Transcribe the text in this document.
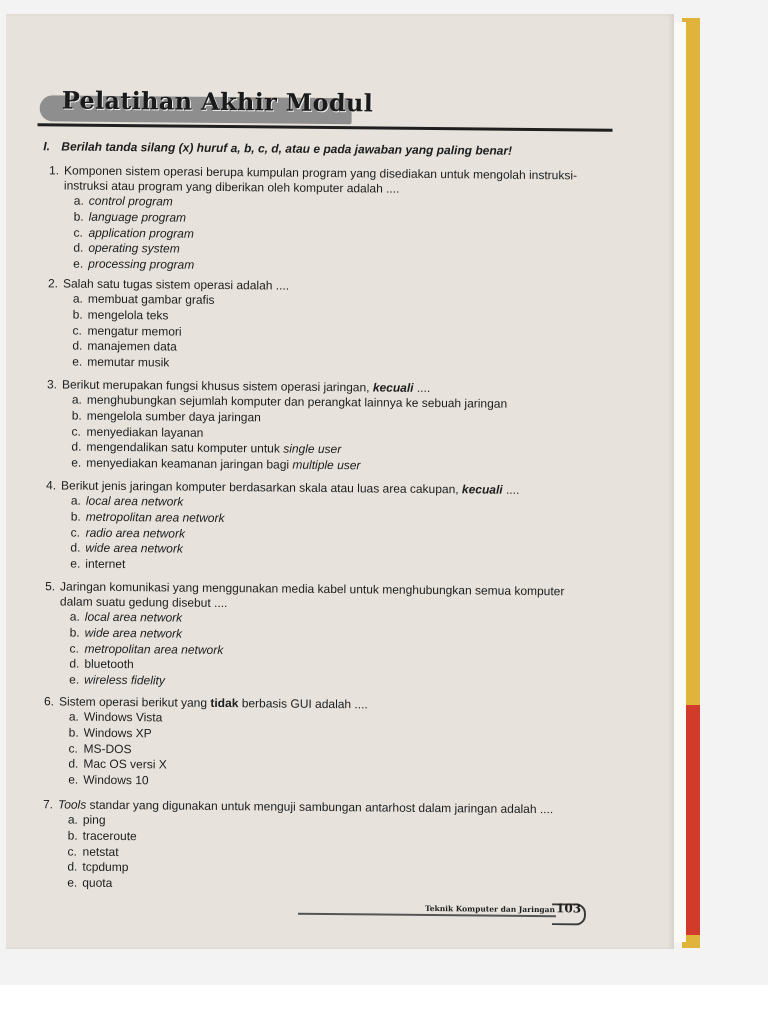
Pelatihan Akhir Modul
I. Berilah tanda silang (x) huruf a, b, c, d, atau e pada jawaban yang paling benar!
1. Komponen sistem operasi berupa kumpulan program yang disediakan untuk mengolah instruksi-
instruksi atau program yang diberikan oleh komputer adalah ....
a. control program
b. language program
c. application program
d. operating system
e. processing program
2. Salah satu tugas sistem operasi adalah ....
a. membuat gambar grafis
b. mengelola teks
c. mengatur memori
d. manajemen data
e. memutar musik
3. Berikut merupakan fungsi khusus sistem operasi jaringan, kecuali ....
a. menghubungkan sejumlah komputer dan perangkat lainnya ke sebuah jaringan
b. mengelola sumber daya jaringan
c. menyediakan layanan
d. mengendalikan satu komputer untuk single user
e. menyediakan keamanan jaringan bagi multiple user
4. Berikut jenis jaringan komputer berdasarkan skala atau luas area cakupan, kecuali ....
a. local area network
b. metropolitan area network
c. radio area network
d. wide area network
e. internet
5. Jaringan komunikasi yang menggunakan media kabel untuk menghubungkan semua komputer
dalam suatu gedung disebut ....
a. local area network
b. wide area network
c. metropolitan area network
d. bluetooth
e. wireless fidelity
6. Sistem operasi berikut yang tidak berbasis GUI adalah ....
a. Windows Vista
b. Windows XP
c. MS-DOS
d. Mac OS versi X
e. Windows 10
7. Tools standar yang digunakan untuk menguji sambungan antarhost dalam jaringan adalah ....
a. ping
b. traceroute
c. netstat
d. tcpdump
e. quota
Teknik Komputer dan Jaringan 103
